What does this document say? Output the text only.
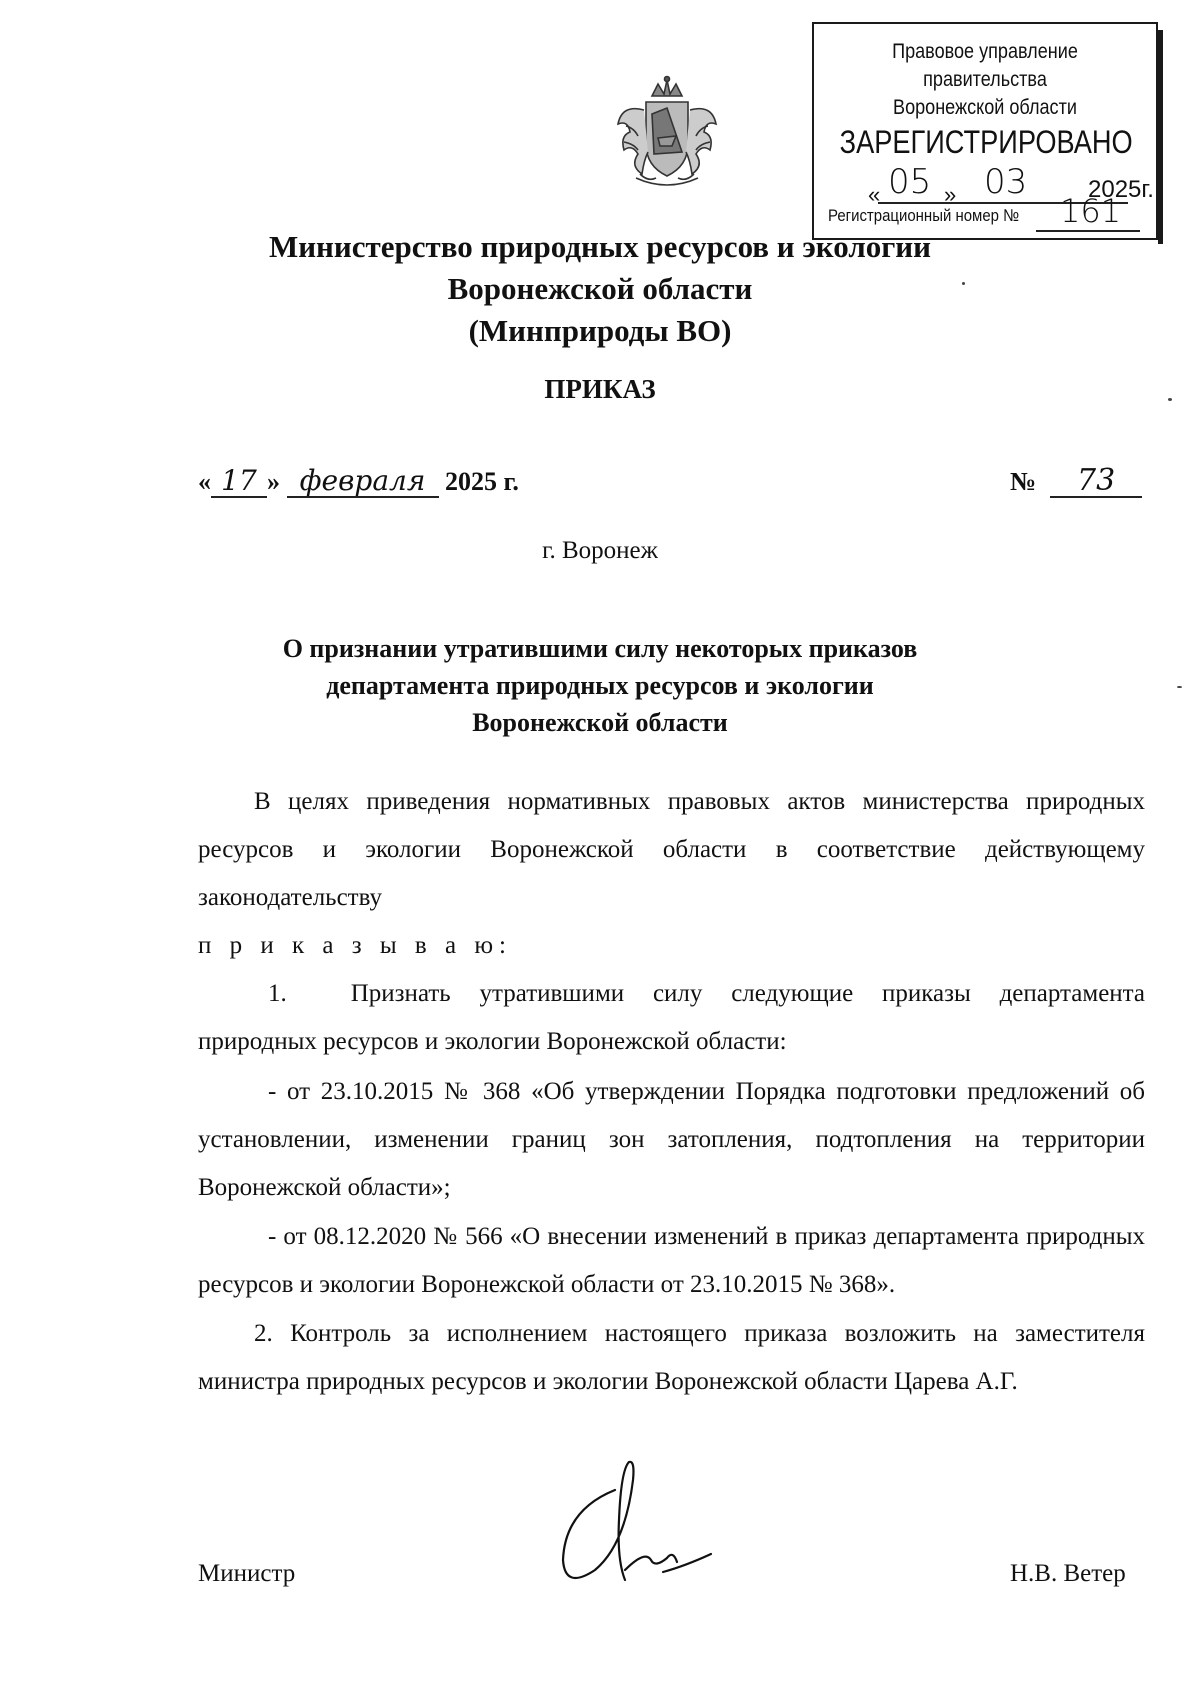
Правовое управление правительства
Воронежской области
ЗАРЕГИСТРИРОВАНО
« 05 » 03	2025г.
Регистрационный номер № 161
Министерство природных ресурсов и экологии
Воронежской области
(Минприроды ВО)
ПРИКАЗ
« 17 » февраля 2025 г.	№ 73
г. Воронеж
О признании утратившими силу некоторых приказов
департамента природных ресурсов и экологии
Воронежской области
В целях приведения нормативных правовых актов министерства природных ресурсов и экологии Воронежской области в соответствие действующему законодательству
п р и к а з ы в а ю:
1.	Признать утратившими силу следующие приказы департамента природных ресурсов и экологии Воронежской области:
- от 23.10.2015 № 368 «Об утверждении Порядка подготовки предложений об установлении, изменении границ зон затопления, подтопления на территории Воронежской области»;
- от 08.12.2020 № 566 «О внесении изменений в приказ департамента природных ресурсов и экологии Воронежской области от 23.10.2015 № 368».
2. Контроль за исполнением настоящего приказа возложить на заместителя министра природных ресурсов и экологии Воронежской области Царева А.Г.
Министр	Н.В. Ветер
